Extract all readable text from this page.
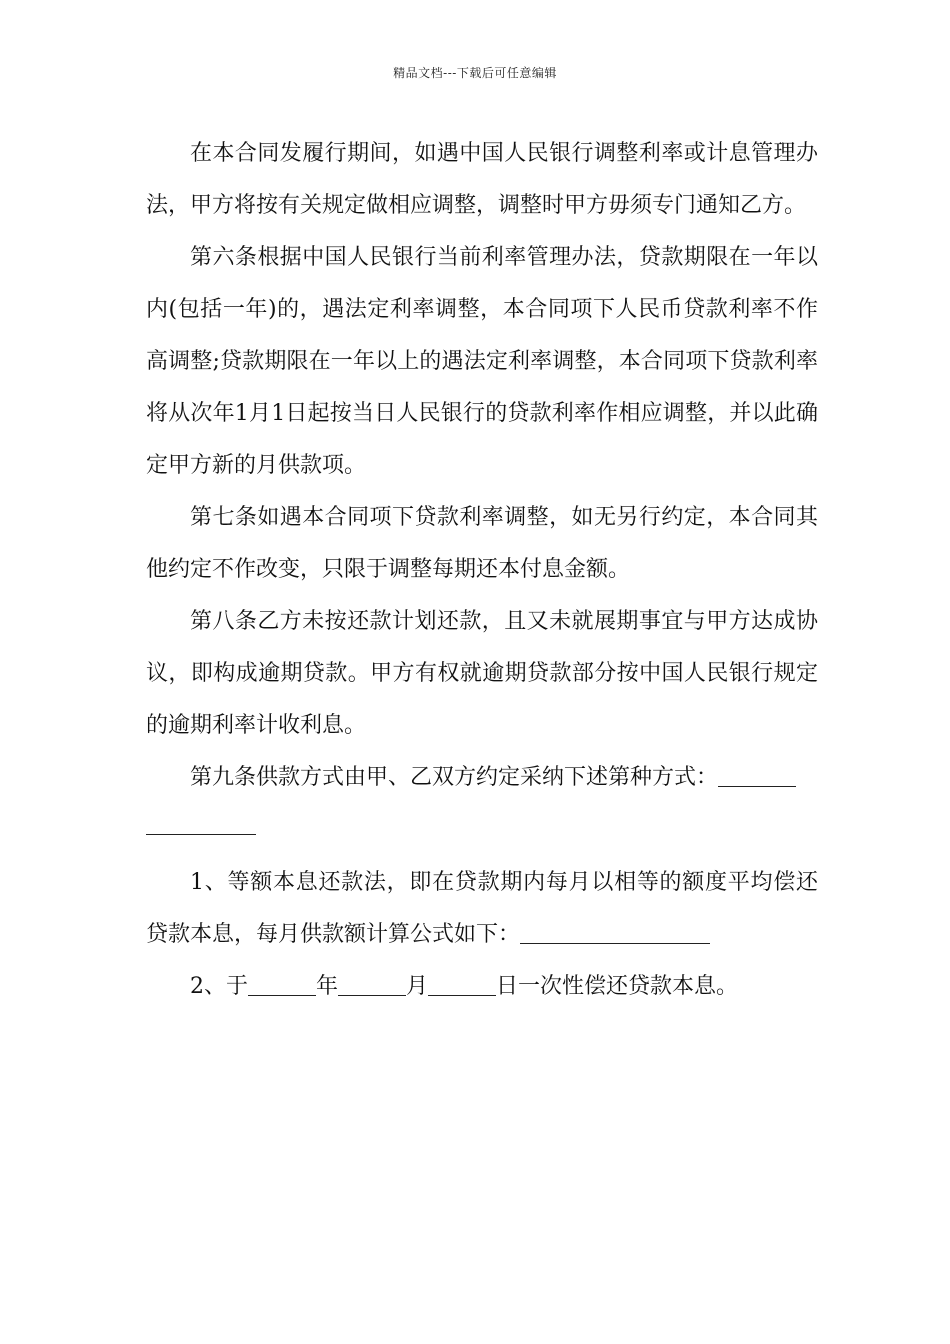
精品文档---下载后可任意编辑

在本合同发履行期间，如遇中国人民银行调整利率或计息管理办法，甲方将按有关规定做相应调整，调整时甲方毋须专门通知乙方。

第六条根据中国人民银行当前利率管理办法，贷款期限在一年以内(包括一年)的，遇法定利率调整，本合同项下人民币贷款利率不作高调整;贷款期限在一年以上的遇法定利率调整，本合同项下贷款利率将从次年1月1日起按当日人民银行的贷款利率作相应调整，并以此确定甲方新的月供款项。

第七条如遇本合同项下贷款利率调整，如无另行约定，本合同其他约定不作改变，只限于调整每期还本付息金额。

第八条乙方未按还款计划还款，且又未就展期事宜与甲方达成协议，即构成逾期贷款。甲方有权就逾期贷款部分按中国人民银行规定的逾期利率计收利息。

第九条供款方式由甲、乙双方约定采纳下述第种方式：

1、等额本息还款法，即在贷款期内每月以相等的额度平均偿还贷款本息，每月供款额计算公式如下：

2、于	年	月	日一次性偿还贷款本息。
